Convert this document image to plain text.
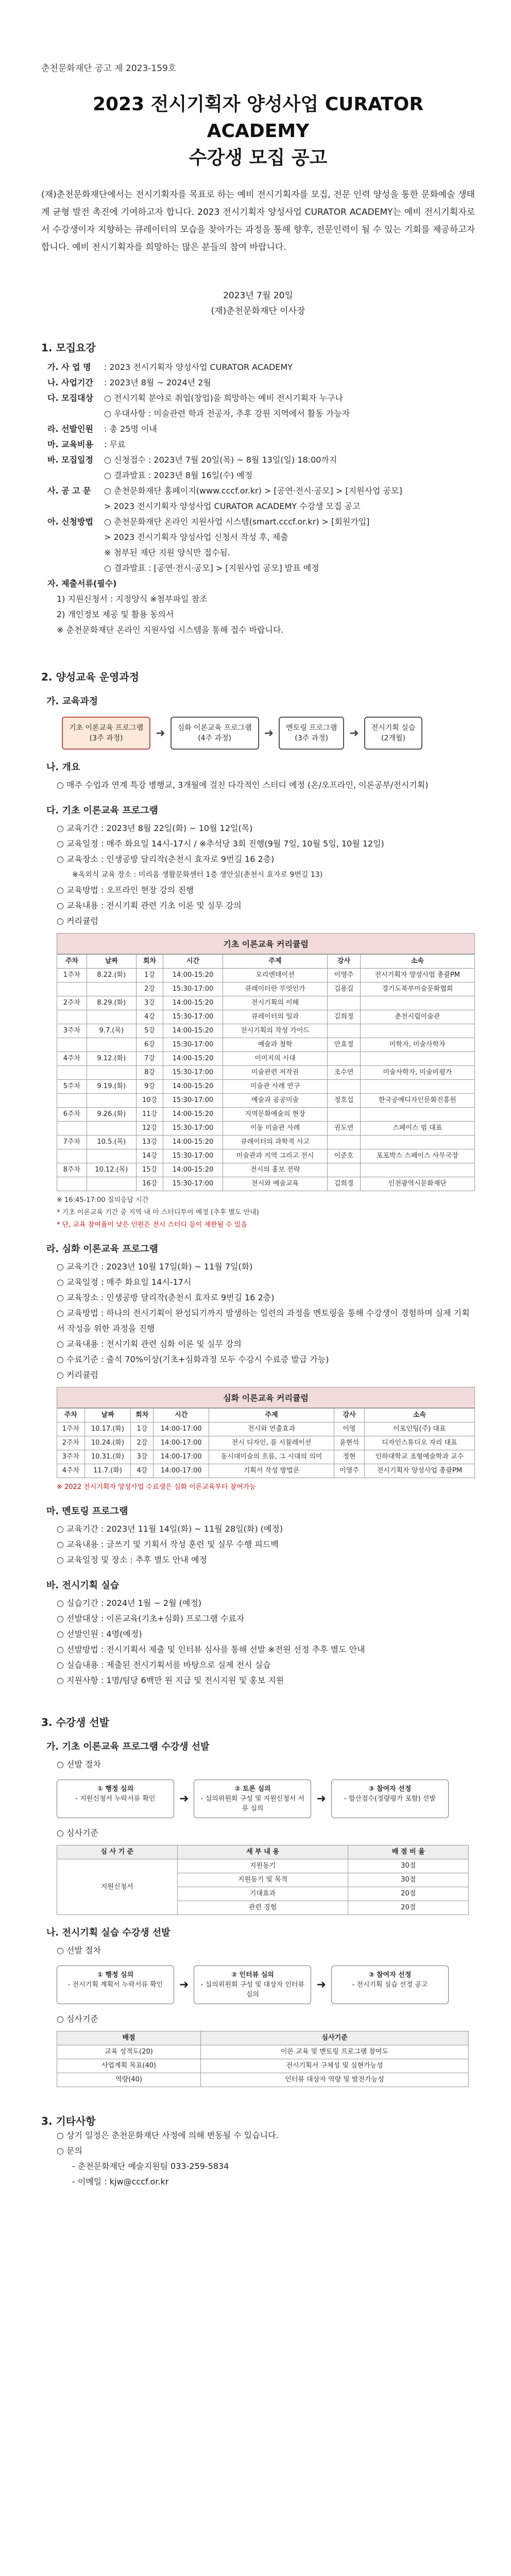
춘천문화재단 공고 제 2023-159호
2023 전시기획자 양성사업 CURATOR ACADEMY
수강생 모집 공고
(재)춘천문화재단에서는 전시기획자를 목표로 하는 예비 전시기획자를 모집, 전문 인력 양성을 통한 문화예술 생태계 균형 발전 촉진에 기여하고자 합니다. 2023 전시기획자 양성사업 CURATOR ACADEMY는 예비 전시기획자로서 수강생이자 지향하는 큐레이터의 모습을 찾아가는 과정을 통해 향후, 전문인력이 될 수 있는 기회를 제공하고자 합니다. 예비 전시기획자를 희망하는 많은 분들의 참여 바랍니다.
2023년 7월 20일
(재)춘천문화재단 이사장
1. 모집요강
가. 사 업 명	: 2023 전시기획자 양성사업 CURATOR ACADEMY
나. 사업기간	: 2023년 8월 ~ 2024년 2월
다. 모집대상	○ 전시기획 분야로 취업(창업)을 희망하는 예비 전시기획자 누구나
○ 우대사항 : 미술관련 학과 전공자, 추후 강원 지역에서 활동 가능자
라. 선발인원	: 총 25명 이내
마. 교육비용	: 무료
바. 모집일정	○ 신청접수 : 2023년 7월 20일(목) ~ 8월 13일(일) 18:00까지
○ 결과발표 : 2023년 8월 16일(수) 예정
사. 공 고 문	○ 춘천문화재단 홈페이지(www.cccf.or.kr) > [공연·전시·공모] > [지원사업 공모]
> 2023 전시기획자 양성사업 CURATOR ACADEMY 수강생 모집 공고
아. 신청방법	○ 춘천문화재단 온라인 지원사업 시스템(smart.cccf.or.kr) > [회원가입]
> 2023 전시기획자 양성사업 신청서 작성 후, 제출
※ 첨부된 재단 지원 양식만 접수됨.
○ 결과발표 : [공연·전시·공모] > [지원사업 공모] 발표 예정
자. 제출서류(필수)
1) 지원신청서 : 지정양식 ※첨부파일 참조
2) 개인정보 제공 및 활용 동의서
※ 춘천문화재단 온라인 지원사업 시스템을 통해 접수 바랍니다.
2. 양성교육 운영과정
가. 교육과정
기초 이론교육 프로그램
(3주 과정)	➜ 심화 이론교육 프로그램
(4주 과정)	➜ 멘토링 프로그램
(3주 과정)	➜ 전시기획 실습
(2개월)
나. 개요
○ 매주 수업과 연계 특강 병행교, 3개월에 걸친 다각적인 스터디 예정 (온/오프라인, 이론공부/전시기획)
다. 기초 이론교육 프로그램
○ 교육기간 : 2023년 8월 22일(화) ~ 10월 12일(목)
○ 교육일정 : 매주 화요일 14시-17시 / ※추석당 3회 진행(9월 7일, 10월 5일, 10월 12일)
○ 교육장소 : 인생공방 달리작(춘천시 효자로 9번길 16 2층)
※옥외식 교육 장소 : 미리움 생활문화센터 1층 생안실(춘천시 효자로 9번길 13)
○ 교육방법 : 오프라인 현장 강의 진행
○ 교육내용 : 전시기획 관련 기초 이론 및 실무 강의
○ 커리큘럼
기초 이론교육 커리큘럼
주차	날짜	회차	시간	주제	강사	소속
1주차	8.22.(화)	1강	14:00-15:20	오리엔테이션	이영주	전시기획자 양성사업 총괄PM
		2강	15:30-17:00	큐레이터란 무엇인가	김용길	경기도북부미술문화협회
2주차	8.29.(화)	3강	14:00-15:20	전시기획의 이해		
		4강	15:30-17:00	큐레이터의 일과	김희정	춘천시립미술관
3주차	9.7.(목)	5강	14:00-15:20	전시기획의 작성 가이드		
		6강	15:30-17:00	예술과 철학	안효정	미학자, 미술사학자
4주차	9.12.(화)	7강	14:00-15:20	이미지의 시대		
		8강	15:30-17:00	미술관련 저작권	조수연	미술사학자, 미술비평가
5주차	9.19.(화)	9강	14:00-15:20	미술관 사례 연구		
		10강	15:30-17:00	예술과 공공미술	정호섭	한국공예디자인문화진흥원
6주차	9.26.(화)	11강	14:00-15:20	지역문화예술의 현장		
		12강	15:30-17:00	이동 미술관 사례	권도연	스페이스 빔 대표
7주차	10.5.(목)	13강	14:00-15:20	큐레이터의 과학적 사고		
		14강	15:30-17:00	미술관과 지역 그리고 전시	이준호	포포박스 스페이스 사무국장
8주차	10.12.(목)	15강	14:00-15:20	전시의 홍보 전략		
		16강	15:30-17:00	전시와 예술교육	김희경	인천광역시문화재단
※ 16:45-17:00 질의응답 시간
* 기초 이론교육 기간 중 지역 내 미 스터디투어 예정 (추후 별도 안내)
* 단, 교육 참여율이 낮은 인원은 전시 스터디 등이 제한될 수 있음
라. 심화 이론교육 프로그램
○ 교육기간 : 2023년 10월 17일(화) ~ 11월 7일(화)
○ 교육일정 : 매주 화요일 14시-17시
○ 교육장소 : 인생공방 달리작(춘천시 효자로 9번길 16 2층)
○ 교육방법 : 하나의 전시기획이 완성되기까지 발생하는 일련의 과정을 멘토링을 통해 수강생이 경험하며 실제 기획서 작성을 위한 과정을 진행
○ 교육내용 : 전시기획 관련 심화 이론 및 실무 강의
○ 수료기준 : 출석 70%이상(기초+심화과정 모두 수강시 수료증 발급 가능)
○ 커리큘럼
심화 이론교육 커리큘럼
주차	날짜	회차	시간	주제	강사	소속
1주차	10.17.(화)	1강	14:00-17:00	전시와 연출효과	이영	이포인팅(주) 대표
2주차	10.24.(화)	2강	14:00-17:00	전시 디자인, 룸 시뮬레이션	윤현석	디자인스튜디오 자리 대표
3주차	10.31.(화)	3강	14:00-17:00	동시대미술의 흐름, 그 시대의 의미	정현	인하대학교 조형예술학과 교수
4주차	11.7.(화)	4강	14:00-17:00	기획서 작성 방법론	이영주	전시기획자 양성사업 총괄PM
※ 2022 전시기획자 양성사업 수료생은 심화 이론교육부터 참여가능
마. 멘토링 프로그램
○ 교육기간 : 2023년 11월 14일(화) ~ 11월 28일(화) (예정)
○ 교육내용 : 글쓰기 및 기획서 작성 훈련 및 실무 수행 피드백
○ 교육일정 및 장소 : 추후 별도 안내 예정
바. 전시기획 실습
○ 실습기간 : 2024년 1월 ~ 2월 (예정)
○ 선발대상 : 이론교육(기초+심화) 프로그램 수료자
○ 선발인원 : 4명(예정)
○ 선발방법 : 전시기획서 제출 및 인터뷰 심사를 통해 선발 ※전원 선정 추후 별도 안내
○ 실습내용 : 제출된 전시기획서를 바탕으로 실제 전시 실습
○ 지원사항 : 1명/팀당 6백만 원 지급 및 전시지원 및 홍보 지원
3. 수강생 선발
가. 기초 이론교육 프로그램 수강생 선발
○ 선발 절차
① 행정 심의
- 지원신청서 누락서류 확인	➜
② 토론 심의
- 심의위원회 구성 및 지원신청서 서류 심의
➜
③ 참여자 선정
- 합산점수(정량평가 포함) 선발
○ 심사기준
심 사 기 준	세 부 내 용	배 점 비 율
지원신청서	지원동기	30점
	지원동기 및 목적	30점
	기대효과	20점
	관련 경험	20점
나. 전시기획 실습 수강생 선발
○ 선발 절차
① 행정 심의
- 전시기획 계획서 누락서류 확인	➜
② 인터뷰 심의
- 심의위원회 구성 및 대상자 인터뷰 심의
➜
③ 참여자 선정
- 전시기획 실습 선정 공고
○ 심사기준
배점	심사기준
교육 성적도(20)	이론 교육 및 멘토링 프로그램 참여도
사업계획 목표(40)	전시기획서 구체성 및 실현가능성
역량(40)	인터뷰 대상자 역량 및 발전가능성
3. 기타사항
○ 상기 일정은 춘천문화재단 사정에 의해 변동될 수 있습니다.
○ 문의
- 춘천문화재단 예술지원팀 033-259-5834
- 이메일 : kjw@cccf.or.kr
